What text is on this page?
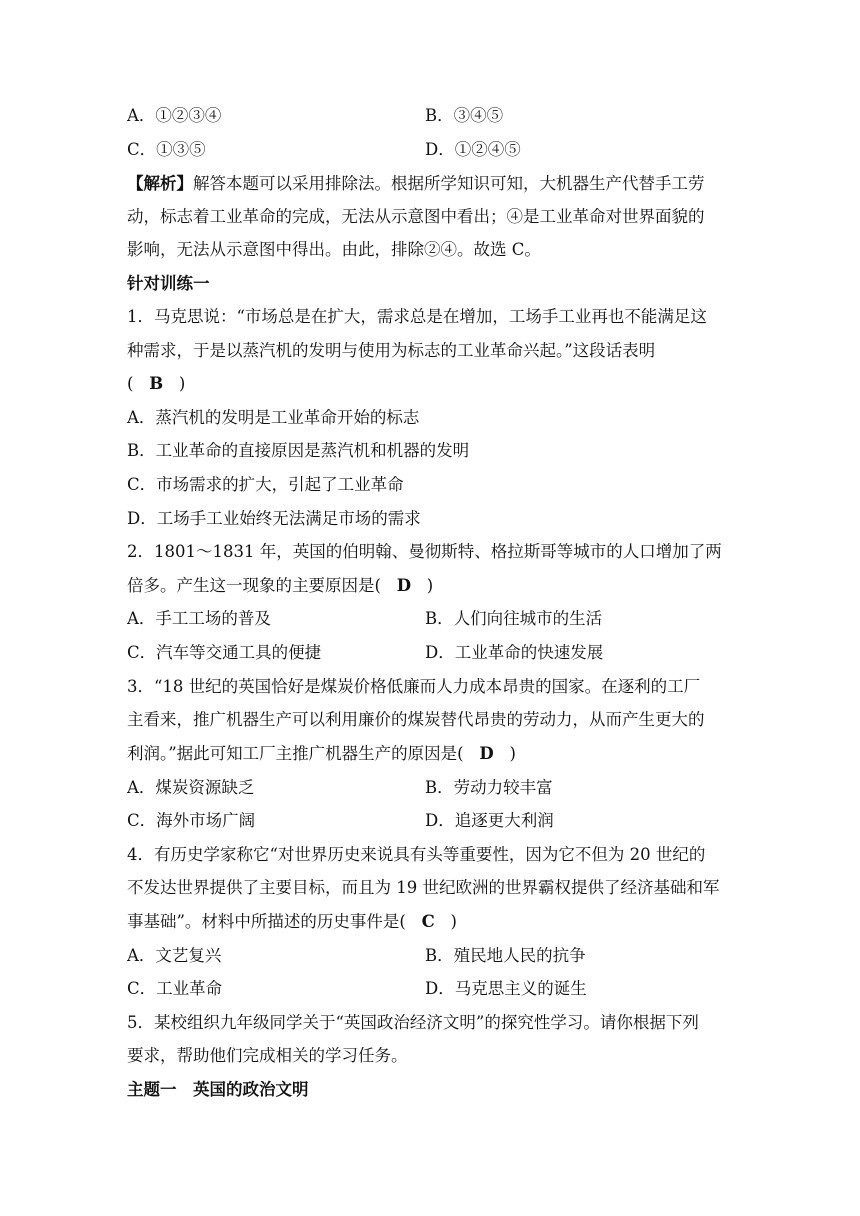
A．①②③④	B．③④⑤
C．①③⑤	D．①②④⑤
【解析】解答本题可以采用排除法。根据所学知识可知，大机器生产代替手工劳
动，标志着工业革命的完成，无法从示意图中看出；④是工业革命对世界面貌的
影响，无法从示意图中得出。由此，排除②④。故选 C。
针对训练一
1．马克思说：“市场总是在扩大，需求总是在增加，工场手工业再也不能满足这
种需求，于是以蒸汽机的发明与使用为标志的工业革命兴起。”这段话表明
( B )
A．蒸汽机的发明是工业革命开始的标志
B．工业革命的直接原因是蒸汽机和机器的发明
C．市场需求的扩大，引起了工业革命
D．工场手工业始终无法满足市场的需求
2．1801～1831 年，英国的伯明翰、曼彻斯特、格拉斯哥等城市的人口增加了两
倍多。产生这一现象的主要原因是( D )
A．手工工场的普及	B．人们向往城市的生活
C．汽车等交通工具的便捷	D．工业革命的快速发展
3．“18 世纪的英国恰好是煤炭价格低廉而人力成本昂贵的国家。在逐利的工厂
主看来，推广机器生产可以利用廉价的煤炭替代昂贵的劳动力，从而产生更大的
利润。”据此可知工厂主推广机器生产的原因是( D )
A．煤炭资源缺乏	B．劳动力较丰富
C．海外市场广阔	D．追逐更大利润
4．有历史学家称它“对世界历史来说具有头等重要性，因为它不但为 20 世纪的
不发达世界提供了主要目标，而且为 19 世纪欧洲的世界霸权提供了经济基础和军
事基础”。材料中所描述的历史事件是( C )
A．文艺复兴	B．殖民地人民的抗争
C．工业革命	D．马克思主义的诞生
5．某校组织九年级同学关于“英国政治经济文明”的探究性学习。请你根据下列
要求，帮助他们完成相关的学习任务。
主题一　英国的政治文明
